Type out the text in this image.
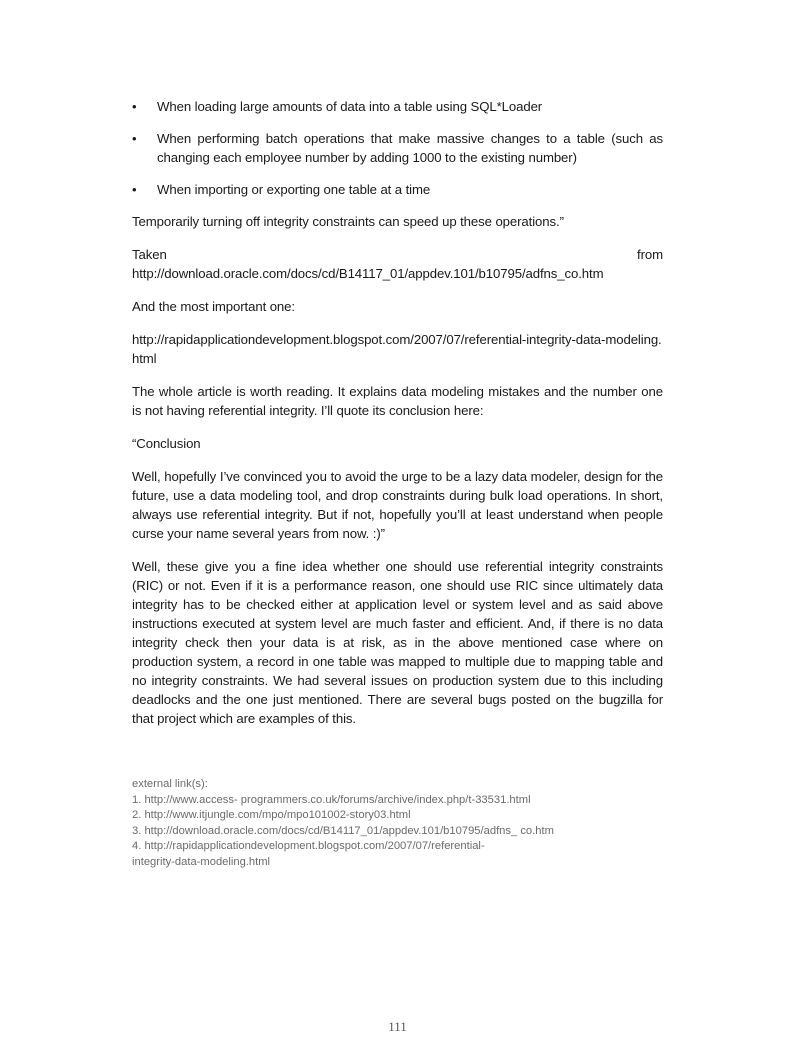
• When loading large amounts of data into a table using SQL*Loader
• When performing batch operations that make massive changes to a table (such as changing each employee number by adding 1000 to the existing number)
• When importing or exporting one table at a time

Temporarily turning off integrity constraints can speed up these operations.”

Taken	from
http://download.oracle.com/docs/cd/B14117_01/appdev.101/b10795/adfns_co.htm

And the most important one:

http://rapidapplicationdevelopment.blogspot.com/2007/07/referential-integrity-data-modeling.html

The whole article is worth reading. It explains data modeling mistakes and the number one is not having referential integrity. I’ll quote its conclusion here:

“Conclusion

Well, hopefully I’ve convinced you to avoid the urge to be a lazy data modeler, design for the future, use a data modeling tool, and drop constraints during bulk load operations. In short, always use referential integrity. But if not, hopefully you’ll at least understand when people curse your name several years from now. :)”

Well, these give you a fine idea whether one should use referential integrity constraints (RIC) or not. Even if it is a performance reason, one should use RIC since ultimately data integrity has to be checked either at application level or system level and as said above instructions executed at system level are much faster and efficient. And, if there is no data integrity check then your data is at risk, as in the above mentioned case where on production system, a record in one table was mapped to multiple due to mapping table and no integrity constraints. We had several issues on production system due to this including deadlocks and the one just mentioned. There are several bugs posted on the bugzilla for that project which are examples of this.

external link(s):
1. http://www.access- programmers.co.uk/forums/archive/index.php/t-33531.html
2. http://www.itjungle.com/mpo/mpo101002-story03.html
3. http://download.oracle.com/docs/cd/B14117_01/appdev.101/b10795/adfns_ co.htm
4. http://rapidapplicationdevelopment.blogspot.com/2007/07/referential-
integrity-data-modeling.html
111
